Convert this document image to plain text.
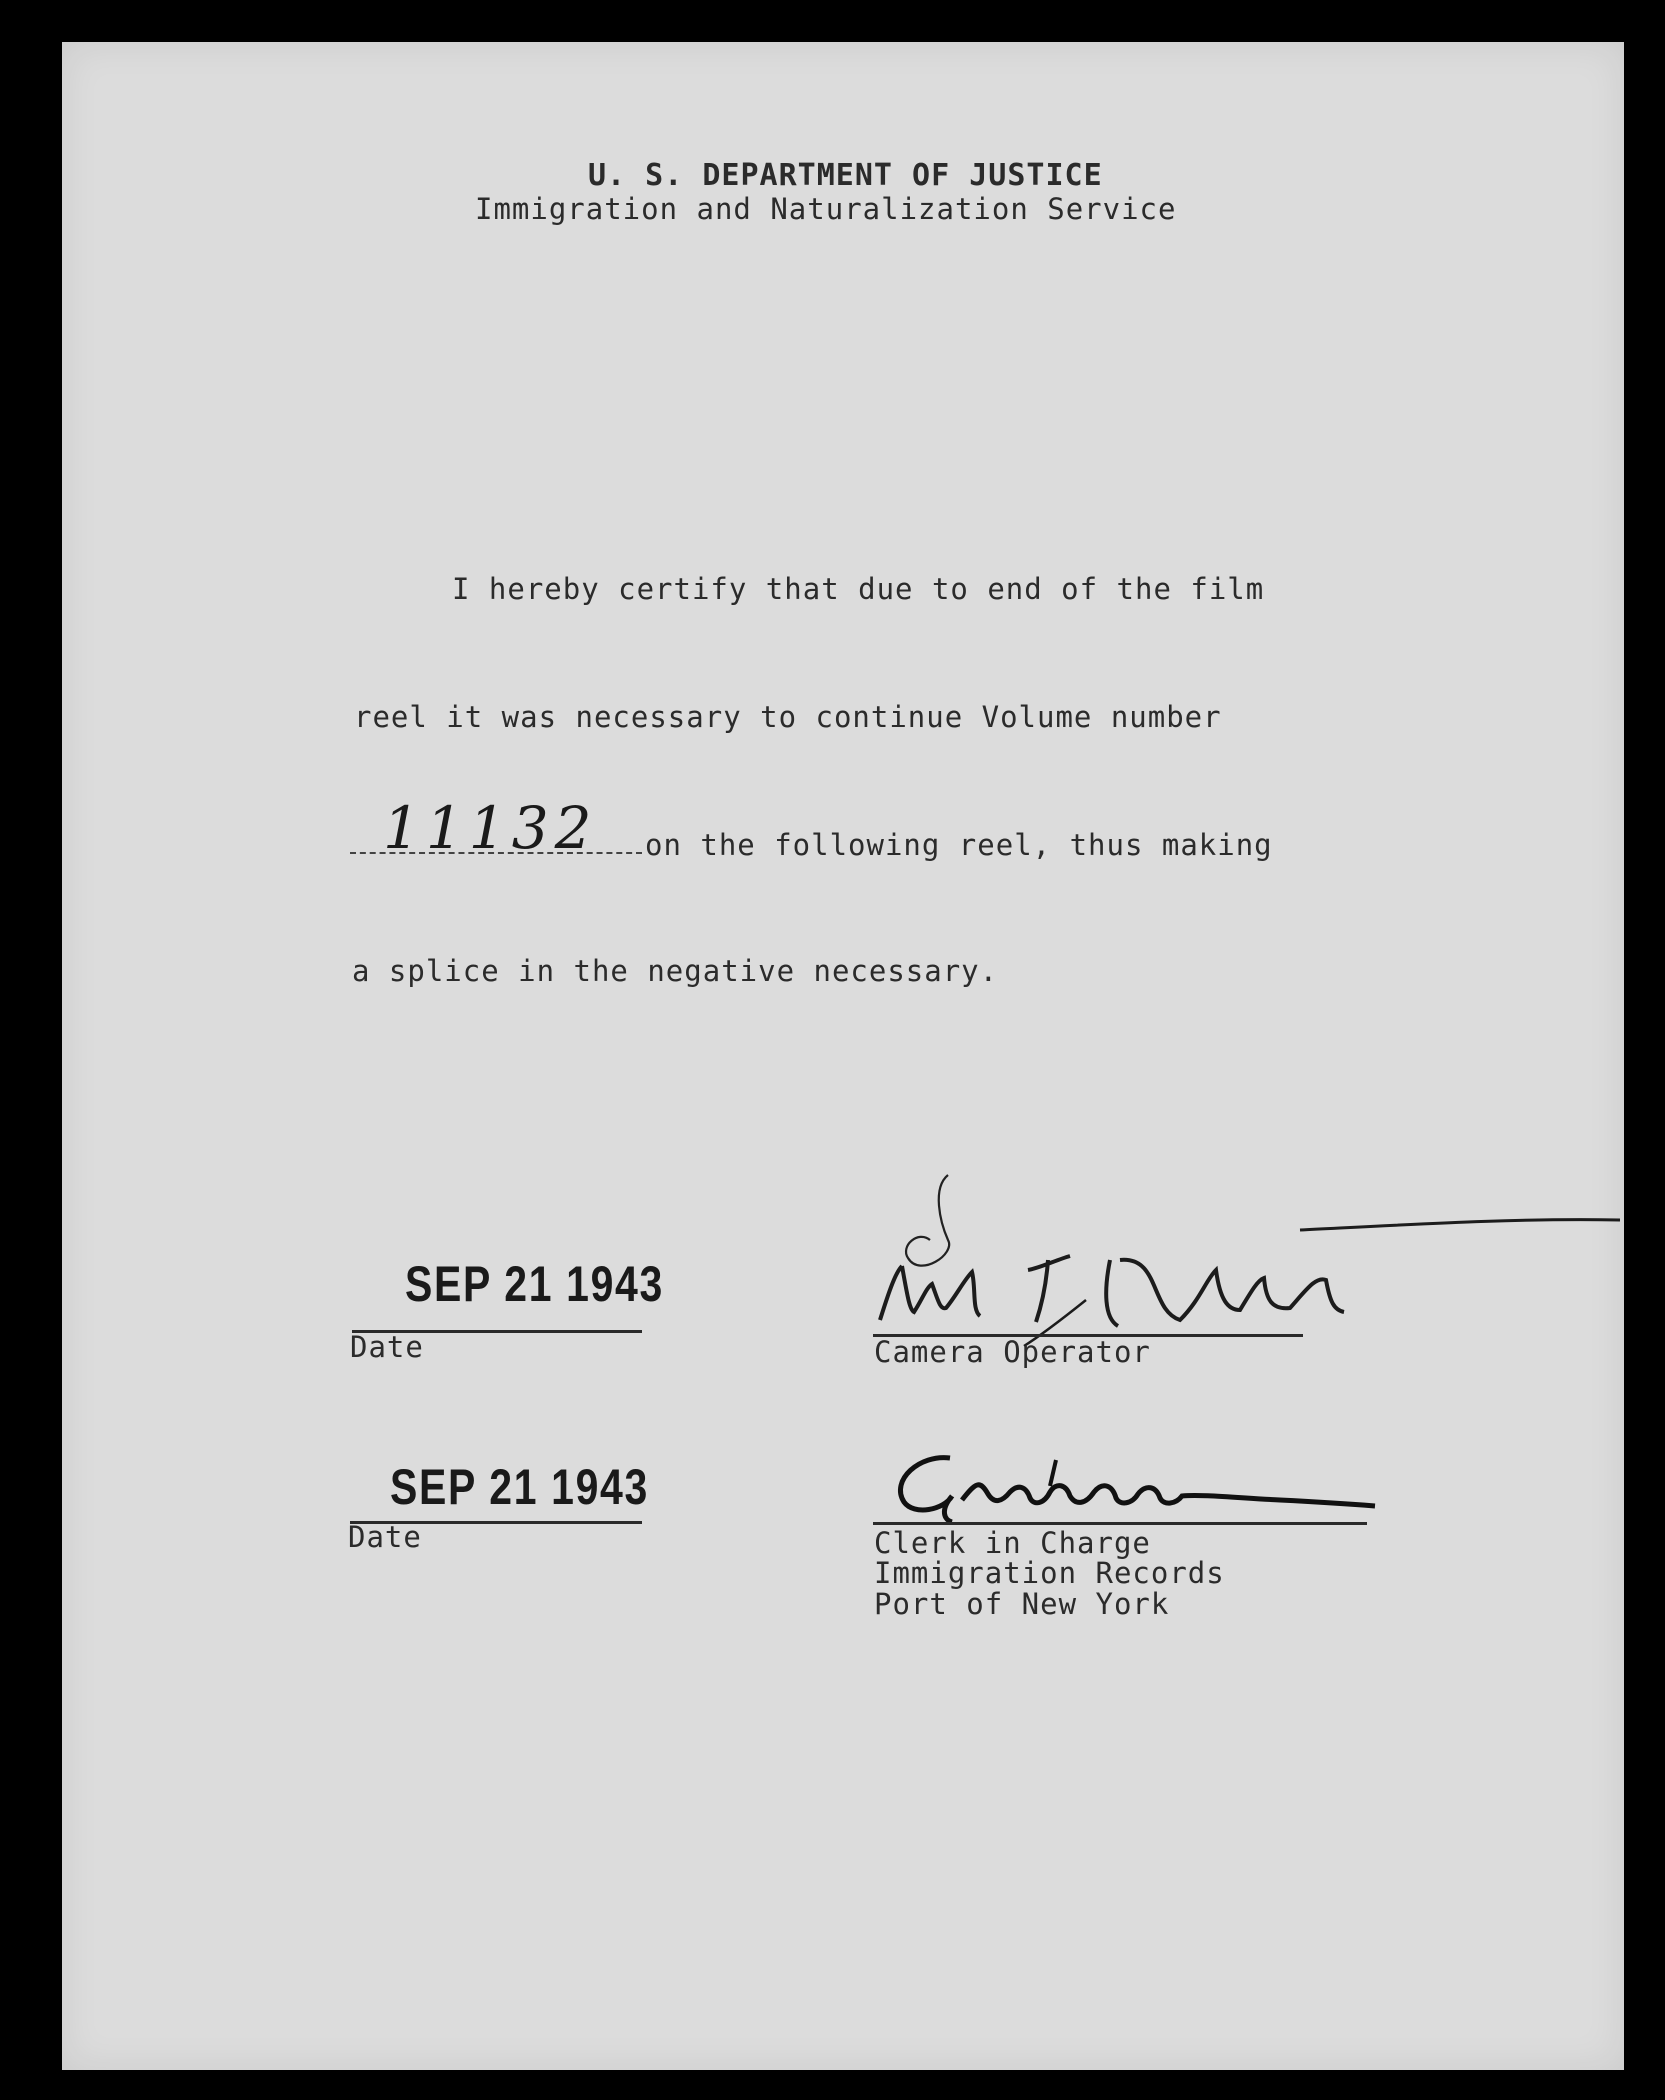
U. S. DEPARTMENT OF JUSTICE
Immigration and Naturalization Service
I hereby certify that due to end of the film
reel it was necessary to continue Volume number
11132 on the following reel, thus making
a splice in the negative necessary.
SEP 21 1943
Date	Camera Operator
SEP 21 1943
Date	Clerk in Charge
Immigration Records
Port of New York
